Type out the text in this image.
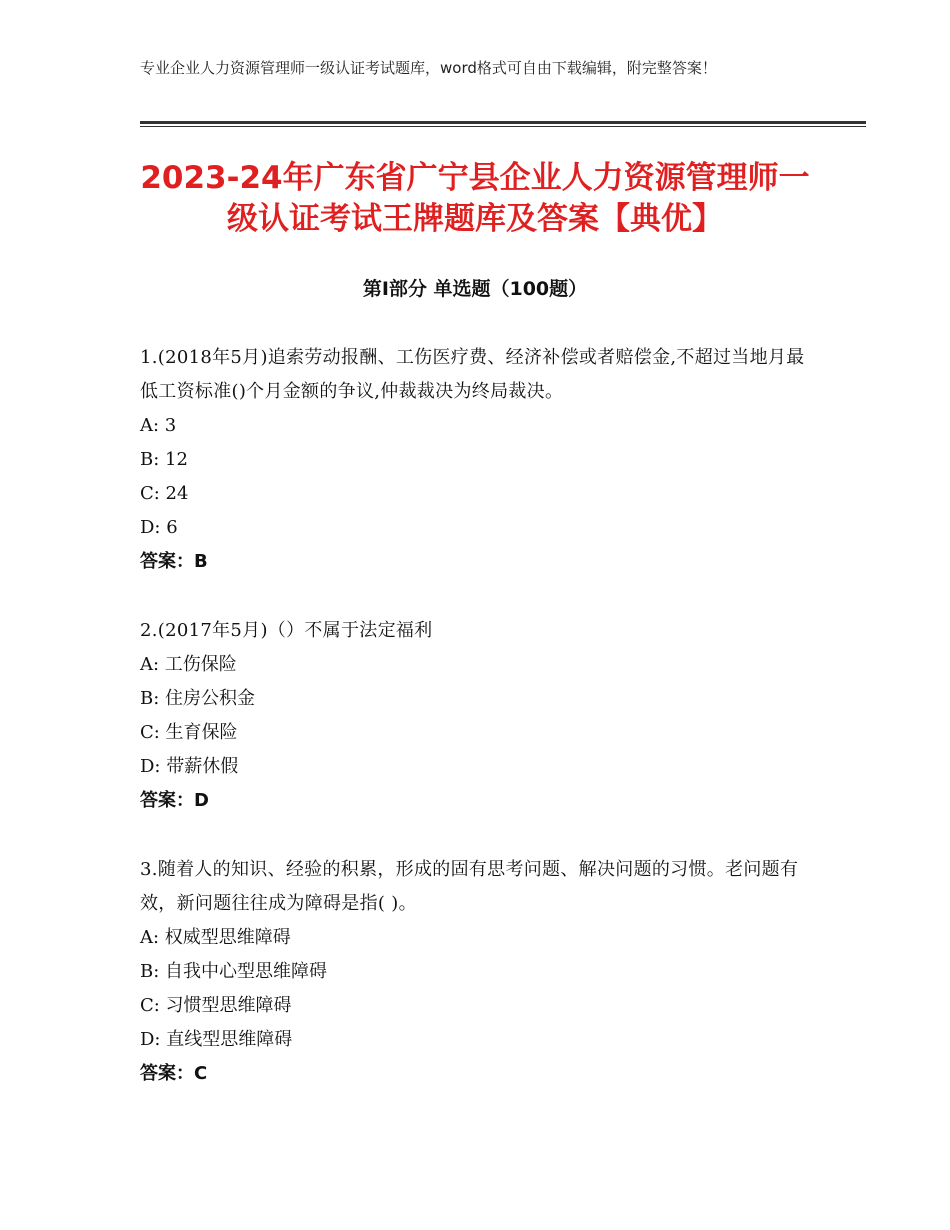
专业企业人力资源管理师一级认证考试题库，word格式可自由下载编辑，附完整答案！
2023-24年广东省广宁县企业人力资源管理师一级认证考试王牌题库及答案【典优】
第Ⅰ部分 单选题（100题）
1.(2018年5月)追索劳动报酬、工伤医疗费、经济补偿或者赔偿金,不超过当地月最低工资标准()个月金额的争议,仲裁裁决为终局裁决。
A: 3
B: 12
C: 24
D: 6
答案：B
2.(2017年5月)（）不属于法定福利
A: 工伤保险
B: 住房公积金
C: 生育保险
D: 带薪休假
答案：D
3.随着人的知识、经验的积累，形成的固有思考问题、解决问题的习惯。老问题有效，新问题往往成为障碍是指( )。
A: 权威型思维障碍
B: 自我中心型思维障碍
C: 习惯型思维障碍
D: 直线型思维障碍
答案：C
